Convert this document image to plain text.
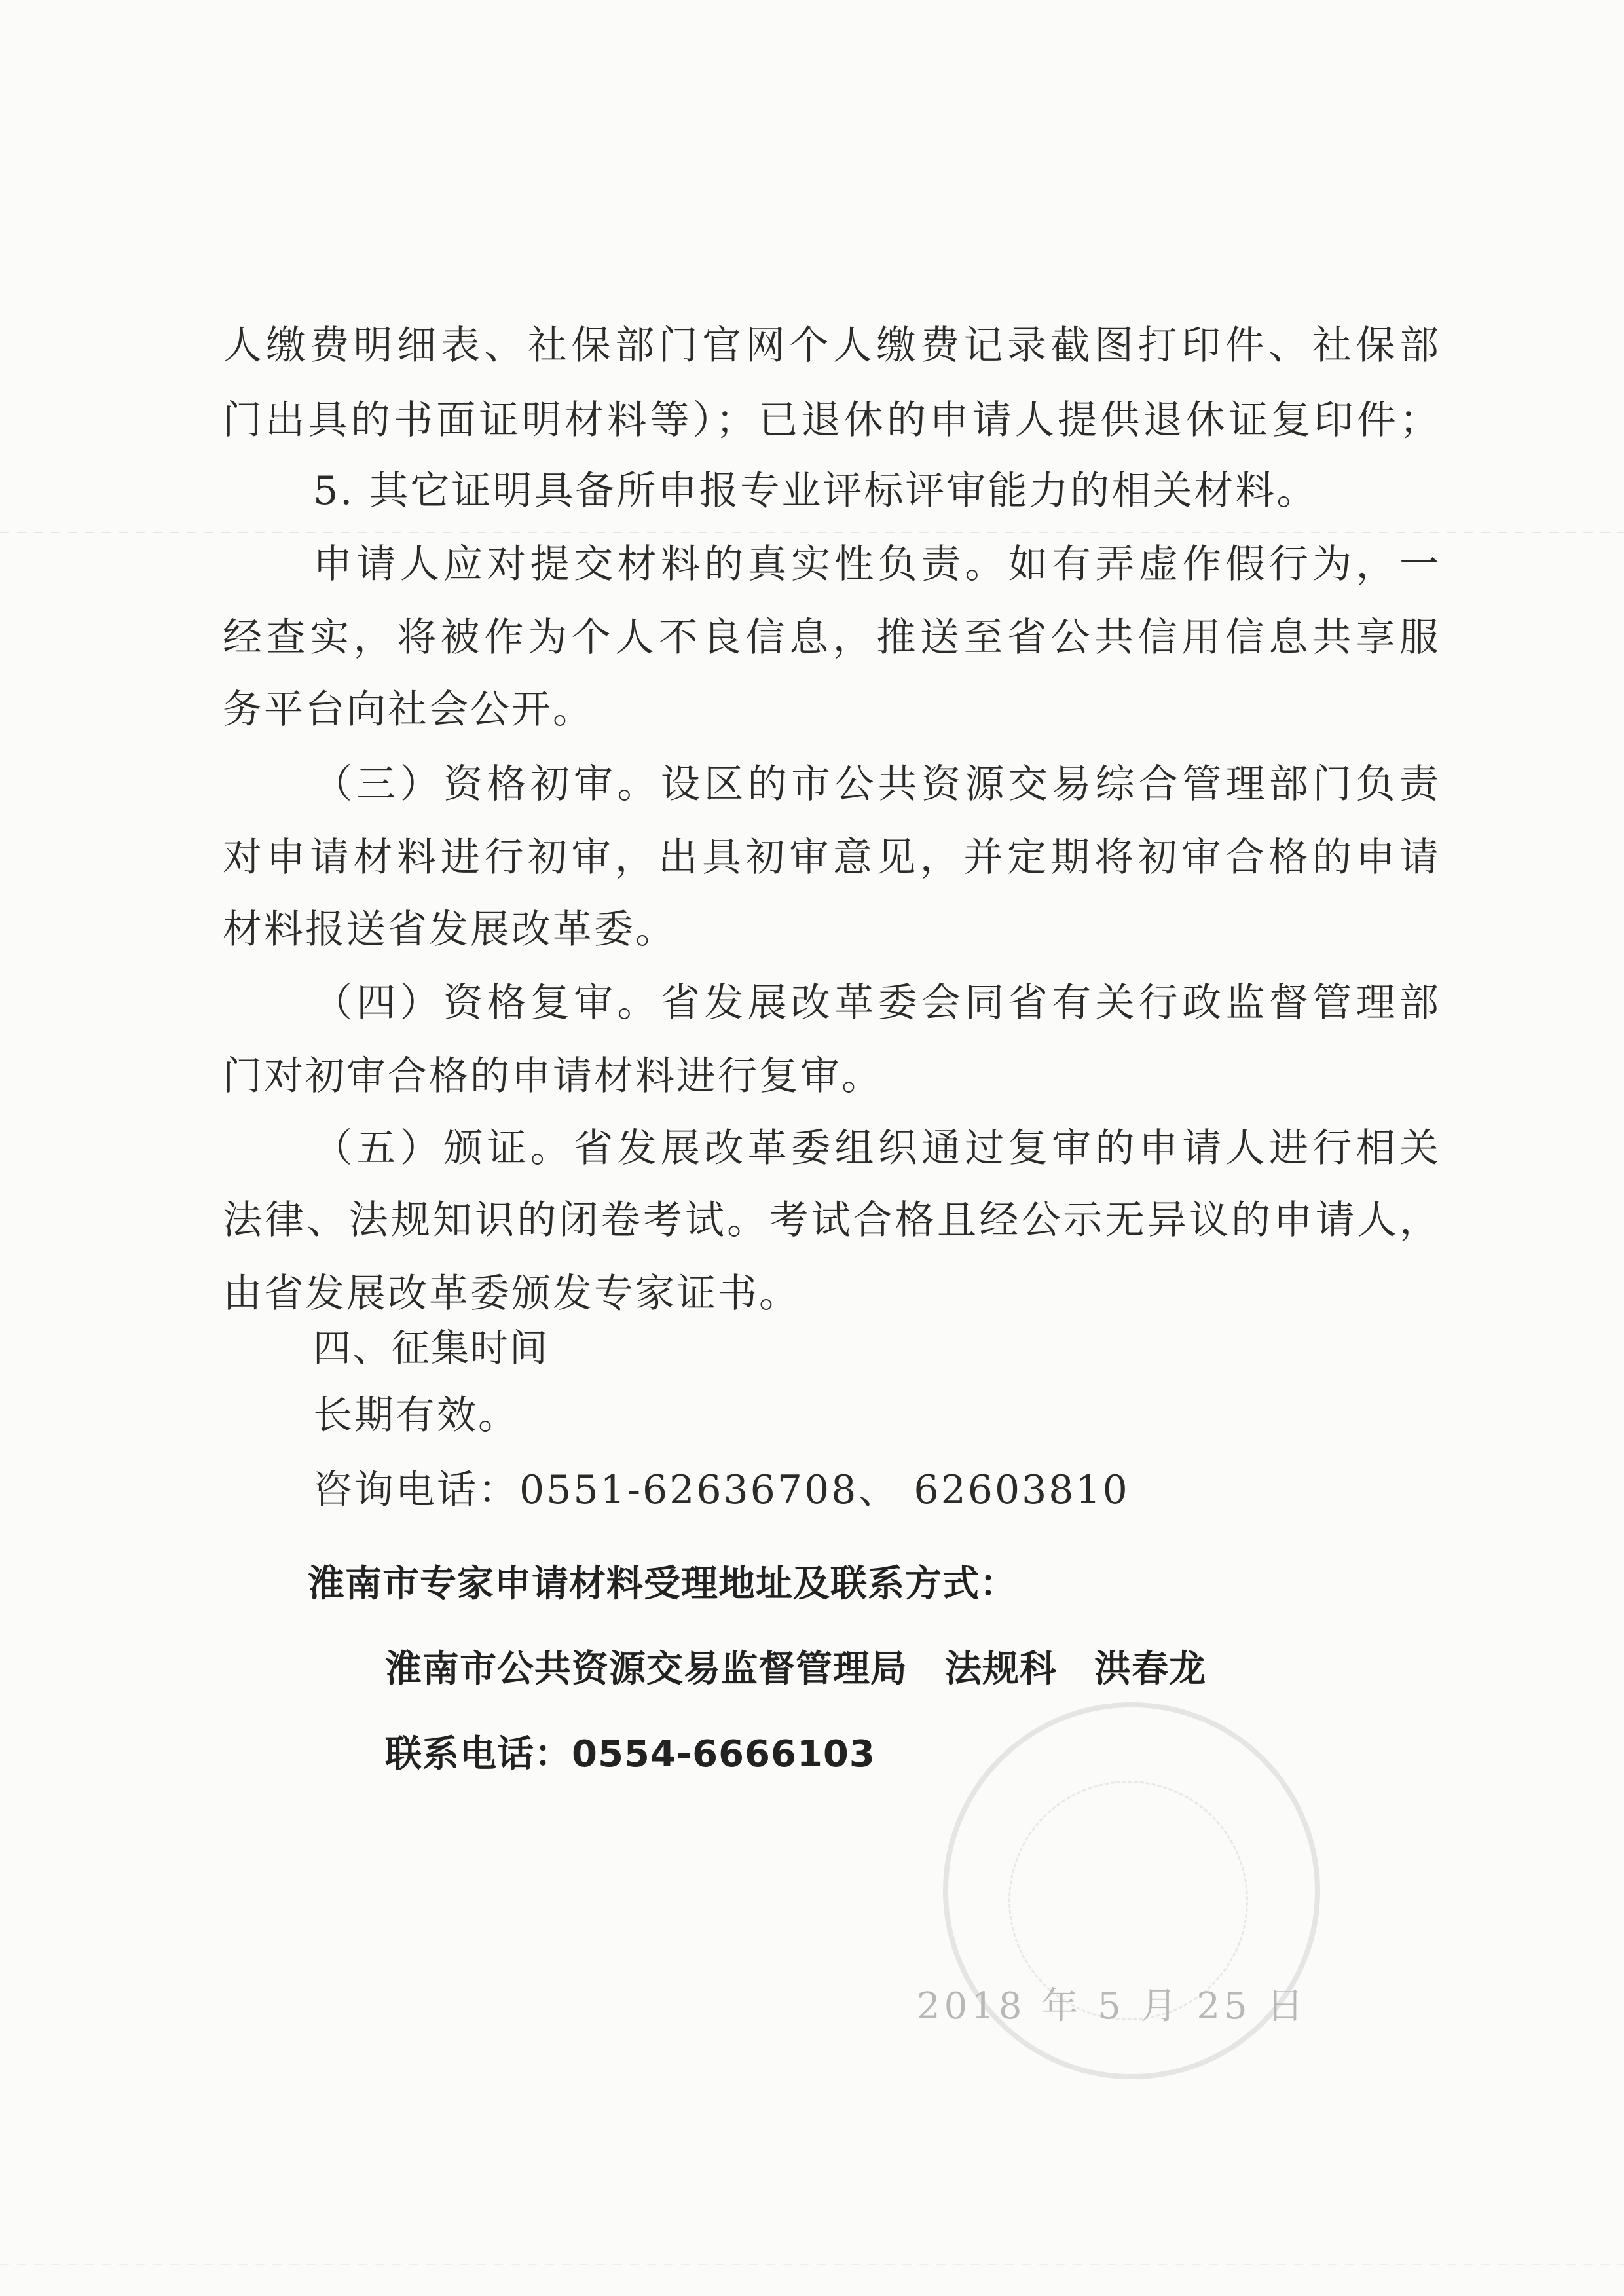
人缴费明细表、社保部门官网个人缴费记录截图打印件、社保部
门出具的书面证明材料等）；已退休的申请人提供退休证复印件；
5. 其它证明具备所申报专业评标评审能力的相关材料。
申请人应对提交材料的真实性负责。如有弄虚作假行为，一
经查实，将被作为个人不良信息，推送至省公共信用信息共享服
务平台向社会公开。
（三）资格初审。设区的市公共资源交易综合管理部门负责
对申请材料进行初审，出具初审意见，并定期将初审合格的申请
材料报送省发展改革委。
（四）资格复审。省发展改革委会同省有关行政监督管理部
门对初审合格的申请材料进行复审。
（五）颁证。省发展改革委组织通过复审的申请人进行相关
法律、法规知识的闭卷考试。考试合格且经公示无异议的申请人，
由省发展改革委颁发专家证书。
四、征集时间
长期有效。
咨询电话：0551-62636708、 62603810
淮南市专家申请材料受理地址及联系方式：
淮南市公共资源交易监督管理局　法规科　洪春龙
联系电话：0554-6666103
2018 年 5 月 25 日
